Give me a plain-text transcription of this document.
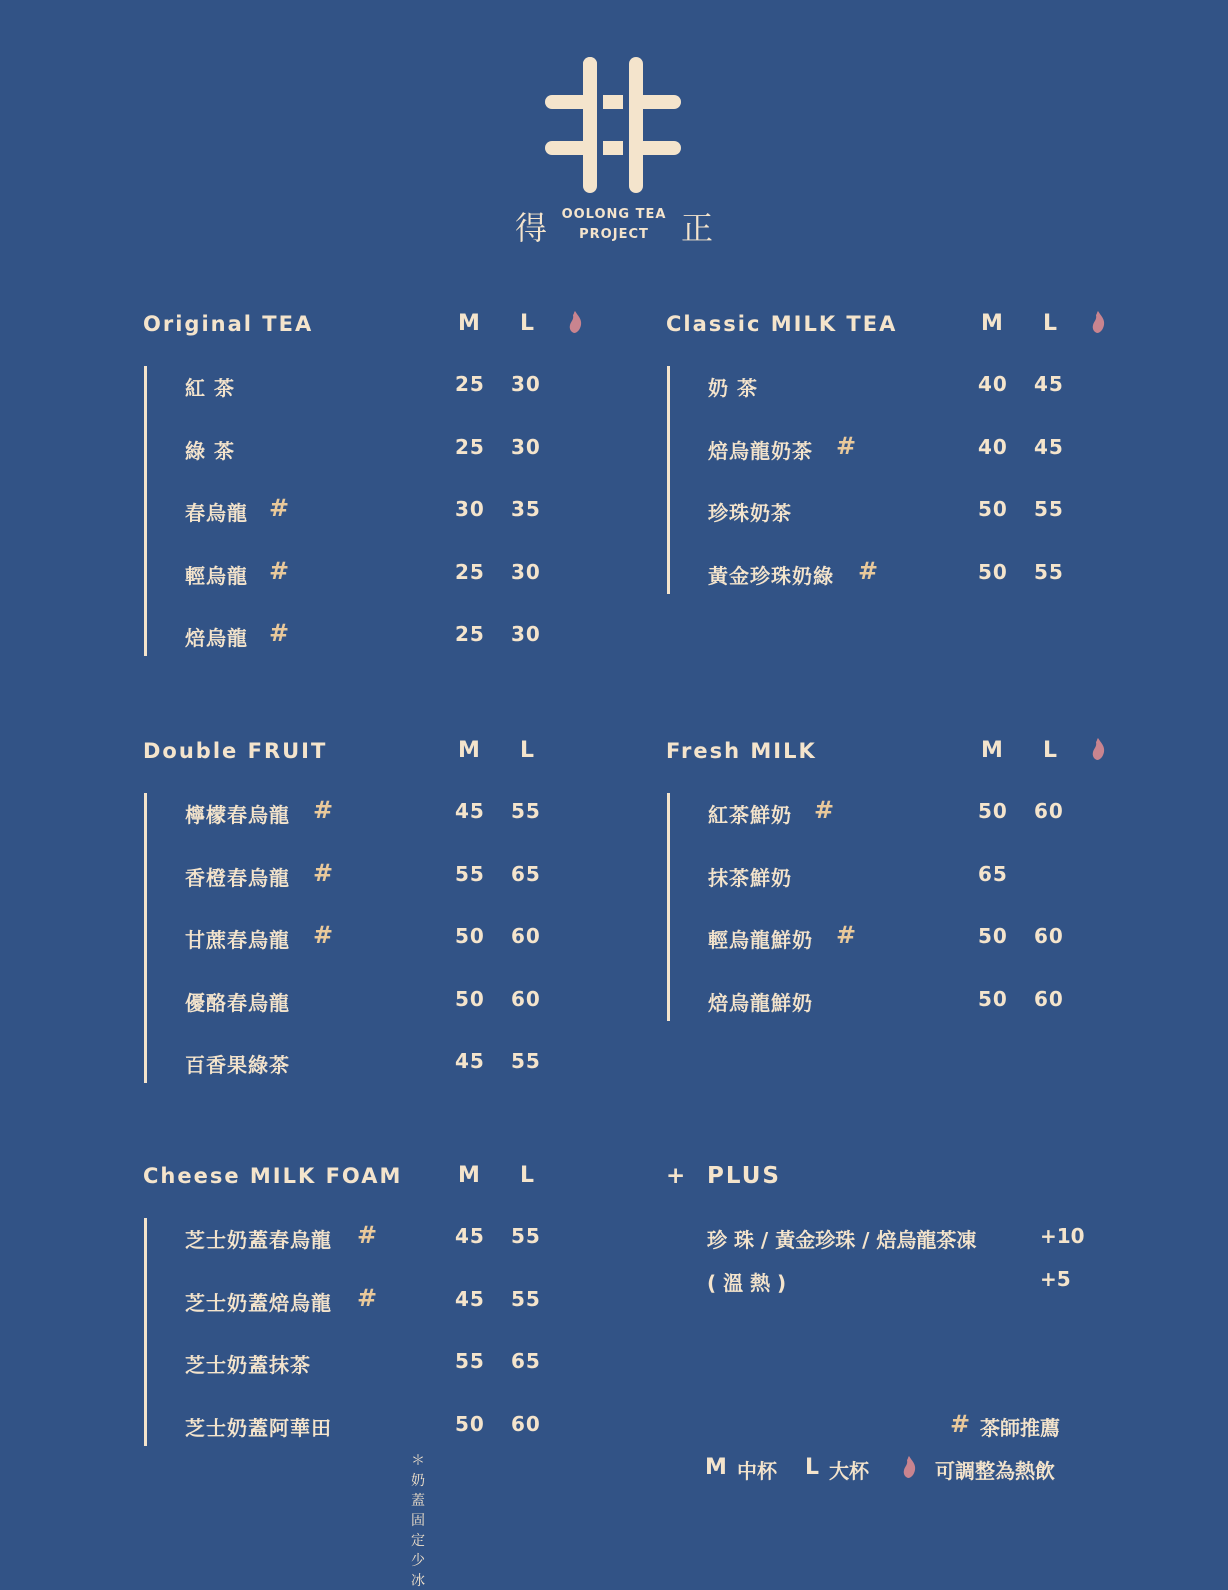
得	正
OOLONG TEA
PROJECT
Original TEA	M L
紅 茶	25 30
綠 茶	25 30
春烏龍 #	30 35
輕烏龍 #	25 30
焙烏龍 #	25 30
Classic MILK TEA	M L
奶 茶	40 45
焙烏龍奶茶 #	40 45
珍珠奶茶	50 55
黃金珍珠奶綠 #	50 55
Double FRUIT	M L
檸檬春烏龍 #	45 55
香橙春烏龍 #	55 65
甘蔗春烏龍 #	50 60
優酪春烏龍	50 60
百香果綠茶	45 55
Fresh MILK	M L
紅茶鮮奶 #	50 60
抹茶鮮奶	65
輕烏龍鮮奶 #	50 60
焙烏龍鮮奶	50 60
Cheese MILK FOAM	M L
芝士奶蓋春烏龍 #	45 55
芝士奶蓋焙烏龍 #	45 55
芝士奶蓋抹茶	55 65
芝士奶蓋阿華田	50 60
＊奶蓋固定少冰
+ PLUS
珍 珠 / 黃金珍珠 / 焙烏龍茶凍	+10
( 溫 熱 )	+5
# 茶師推薦
M 中杯 L 大杯	可調整為熱飲
